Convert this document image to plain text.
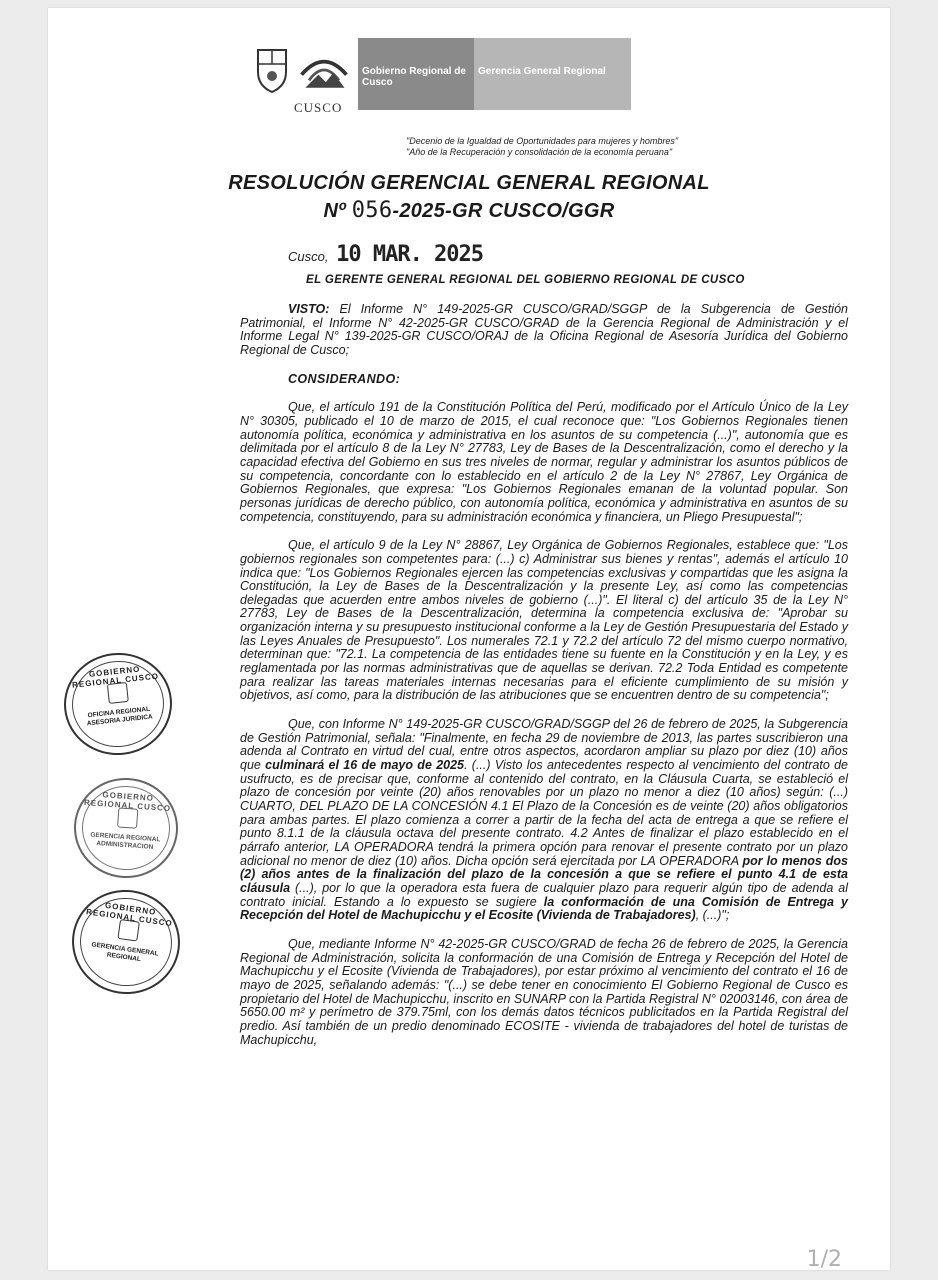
CUSCO
Gobierno Regional de Cusco
Gerencia General Regional
"Decenio de la Igualdad de Oportunidades para mujeres y hombres"
"Año de la Recuperación y consolidación de la economía peruana"
RESOLUCIÓN GERENCIAL GENERAL REGIONAL
Nº 056-2025-GR CUSCO/GGR
Cusco, 10 MAR. 2025
EL GERENTE GENERAL REGIONAL DEL GOBIERNO REGIONAL DE CUSCO

VISTO: El Informe N° 149-2025-GR CUSCO/GRAD/SGGP de la Subgerencia de Gestión Patrimonial, el Informe N° 42-2025-GR CUSCO/GRAD de la Gerencia Regional de Administración y el Informe Legal N° 139-2025-GR CUSCO/ORAJ de la Oficina Regional de Asesoría Jurídica del Gobierno Regional de Cusco;

CONSIDERANDO:

Que, el artículo 191 de la Constitución Política del Perú, modificado por el Artículo Único de la Ley N° 30305, publicado el 10 de marzo de 2015, el cual reconoce que: "Los Gobiernos Regionales tienen autonomía política, económica y administrativa en los asuntos de su competencia (...)", autonomía que es delimitada por el artículo 8 de la Ley N° 27783, Ley de Bases de la Descentralización, como el derecho y la capacidad efectiva del Gobierno en sus tres niveles de normar, regular y administrar los asuntos públicos de su competencia, concordante con lo establecido en el artículo 2 de la Ley N° 27867, Ley Orgánica de Gobiernos Regionales, que expresa: "Los Gobiernos Regionales emanan de la voluntad popular. Son personas jurídicas de derecho público, con autonomía política, económica y administrativa en asuntos de su competencia, constituyendo, para su administración económica y financiera, un Pliego Presupuestal";

Que, el artículo 9 de la Ley N° 28867, Ley Orgánica de Gobiernos Regionales, establece que: "Los gobiernos regionales son competentes para: (...) c) Administrar sus bienes y rentas", además el artículo 10 indica que: "Los Gobiernos Regionales ejercen las competencias exclusivas y compartidas que les asigna la Constitución, la Ley de Bases de la Descentralización y la presente Ley, así como las competencias delegadas que acuerden entre ambos niveles de gobierno (...)". El literal c) del artículo 35 de la Ley N° 27783, Ley de Bases de la Descentralización, determina la competencia exclusiva de: "Aprobar su organización interna y su presupuesto institucional conforme a la Ley de Gestión Presupuestaria del Estado y las Leyes Anuales de Presupuesto". Los numerales 72.1 y 72.2 del artículo 72 del mismo cuerpo normativo, determinan que: "72.1. La competencia de las entidades tiene su fuente en la Constitución y en la Ley, y es reglamentada por las normas administrativas que de aquellas se derivan. 72.2 Toda Entidad es competente para realizar las tareas materiales internas necesarias para el eficiente cumplimiento de su misión y objetivos, así como, para la distribución de las atribuciones que se encuentren dentro de su competencia";

Que, con Informe N° 149-2025-GR CUSCO/GRAD/SGGP del 26 de febrero de 2025, la Subgerencia de Gestión Patrimonial, señala: "Finalmente, en fecha 29 de noviembre de 2013, las partes suscribieron una adenda al Contrato en virtud del cual, entre otros aspectos, acordaron ampliar su plazo por diez (10) años que culminará el 16 de mayo de 2025. (...) Visto los antecedentes respecto al vencimiento del contrato de usufructo, es de precisar que, conforme al contenido del contrato, en la Cláusula Cuarta, se estableció el plazo de concesión por veinte (20) años renovables por un plazo no menor a diez (10 años) según: (...) CUARTO, DEL PLAZO DE LA CONCESIÓN 4.1 El Plazo de la Concesión es de veinte (20) años obligatorios para ambas partes. El plazo comienza a correr a partir de la fecha del acta de entrega a que se refiere el punto 8.1.1 de la cláusula octava del presente contrato. 4.2 Antes de finalizar el plazo establecido en el párrafo anterior, LA OPERADORA tendrá la primera opción para renovar el presente contrato por un plazo adicional no menor de diez (10) años. Dicha opción será ejercitada por LA OPERADORA por lo menos dos (2) años antes de la finalización del plazo de la concesión a que se refiere el punto 4.1 de esta cláusula (...), por lo que la operadora esta fuera de cualquier plazo para requerir algún tipo de adenda al contrato inicial. Estando a lo expuesto se sugiere la conformación de una Comisión de Entrega y Recepción del Hotel de Machupicchu y el Ecosite (Vivienda de Trabajadores), (...)";

Que, mediante Informe N° 42-2025-GR CUSCO/GRAD de fecha 26 de febrero de 2025, la Gerencia Regional de Administración, solicita la conformación de una Comisión de Entrega y Recepción del Hotel de Machupicchu y el Ecosite (Vivienda de Trabajadores), por estar próximo al vencimiento del contrato el 16 de mayo de 2025, señalando además: "(...) se debe tener en conocimiento El Gobierno Regional de Cusco es propietario del Hotel de Machupicchu, inscrito en SUNARP con la Partida Registral N° 02003146, con área de 5650.00 m² y perímetro de 379.75ml, con los demás datos técnicos publicitados en la Partida Registral del predio. Así también de un predio denominado ECOSITE - vivienda de trabajadores del hotel de turistas de Machupicchu,

GOBIERNO REGIONAL CUSCO
OFICINA REGIONAL ASESORIA JURIDICA
GOBIERNO REGIONAL CUSCO
GERENCIA REGIONAL ADMINISTRACION
GOBIERNO REGIONAL CUSCO
GERENCIA GENERAL REGIONAL
1/2
